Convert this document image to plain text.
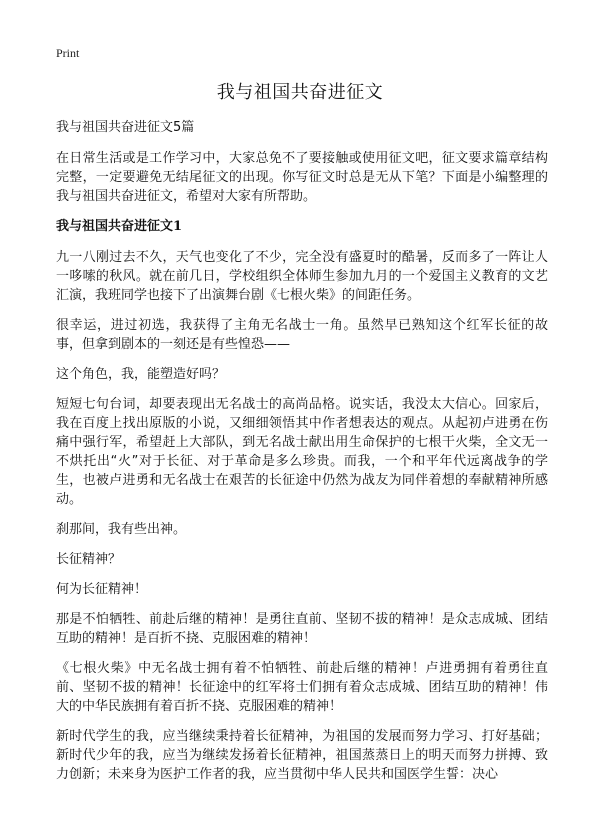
Print
我与祖国共奋进征文

我与祖国共奋进征文5篇

在日常生活或是工作学习中，大家总免不了要接触或使用征文吧，征文要求篇章结构完整，一定要避免无结尾征文的出现。你写征文时总是无从下笔？下面是小编整理的我与祖国共奋进征文，希望对大家有所帮助。

我与祖国共奋进征文1

九一八刚过去不久，天气也变化了不少，完全没有盛夏时的酷暑，反而多了一阵让人一哆嗦的秋风。就在前几日，学校组织全体师生参加九月的一个爱国主义教育的文艺汇演，我班同学也接下了出演舞台剧《七根火柴》的间距任务。

很幸运，进过初选，我获得了主角无名战士一角。虽然早已熟知这个红军长征的故事，但拿到剧本的一刻还是有些惶恐——

这个角色，我，能塑造好吗？

短短七句台词，却要表现出无名战士的高尚品格。说实话，我没太大信心。回家后，我在百度上找出原版的小说，又细细领悟其中作者想表达的观点。从起初卢进勇在伤痛中强行军，希望赶上大部队，到无名战士献出用生命保护的七根干火柴，全文无一不烘托出“火”对于长征、对于革命是多么珍贵。而我，一个和平年代远离战争的学生，也被卢进勇和无名战士在艰苦的长征途中仍然为战友为同伴着想的奉献精神所感动。

刹那间，我有些出神。

长征精神？

何为长征精神！

那是不怕牺牲、前赴后继的精神！是勇往直前、坚韧不拔的精神！是众志成城、团结互助的精神！是百折不挠、克服困难的精神！

《七根火柴》中无名战士拥有着不怕牺牲、前赴后继的精神！卢进勇拥有着勇往直前、坚韧不拔的精神！长征途中的红军将士们拥有着众志成城、团结互助的精神！伟大的中华民族拥有着百折不挠、克服困难的精神！

新时代学生的我，应当继续秉持着长征精神，为祖国的发展而努力学习、打好基础；新时代少年的我，应当为继续发扬着长征精神，祖国蒸蒸日上的明天而努力拼搏、致力创新；未来身为医护工作者的我，应当贯彻中华人民共和国医学生誓：决心
